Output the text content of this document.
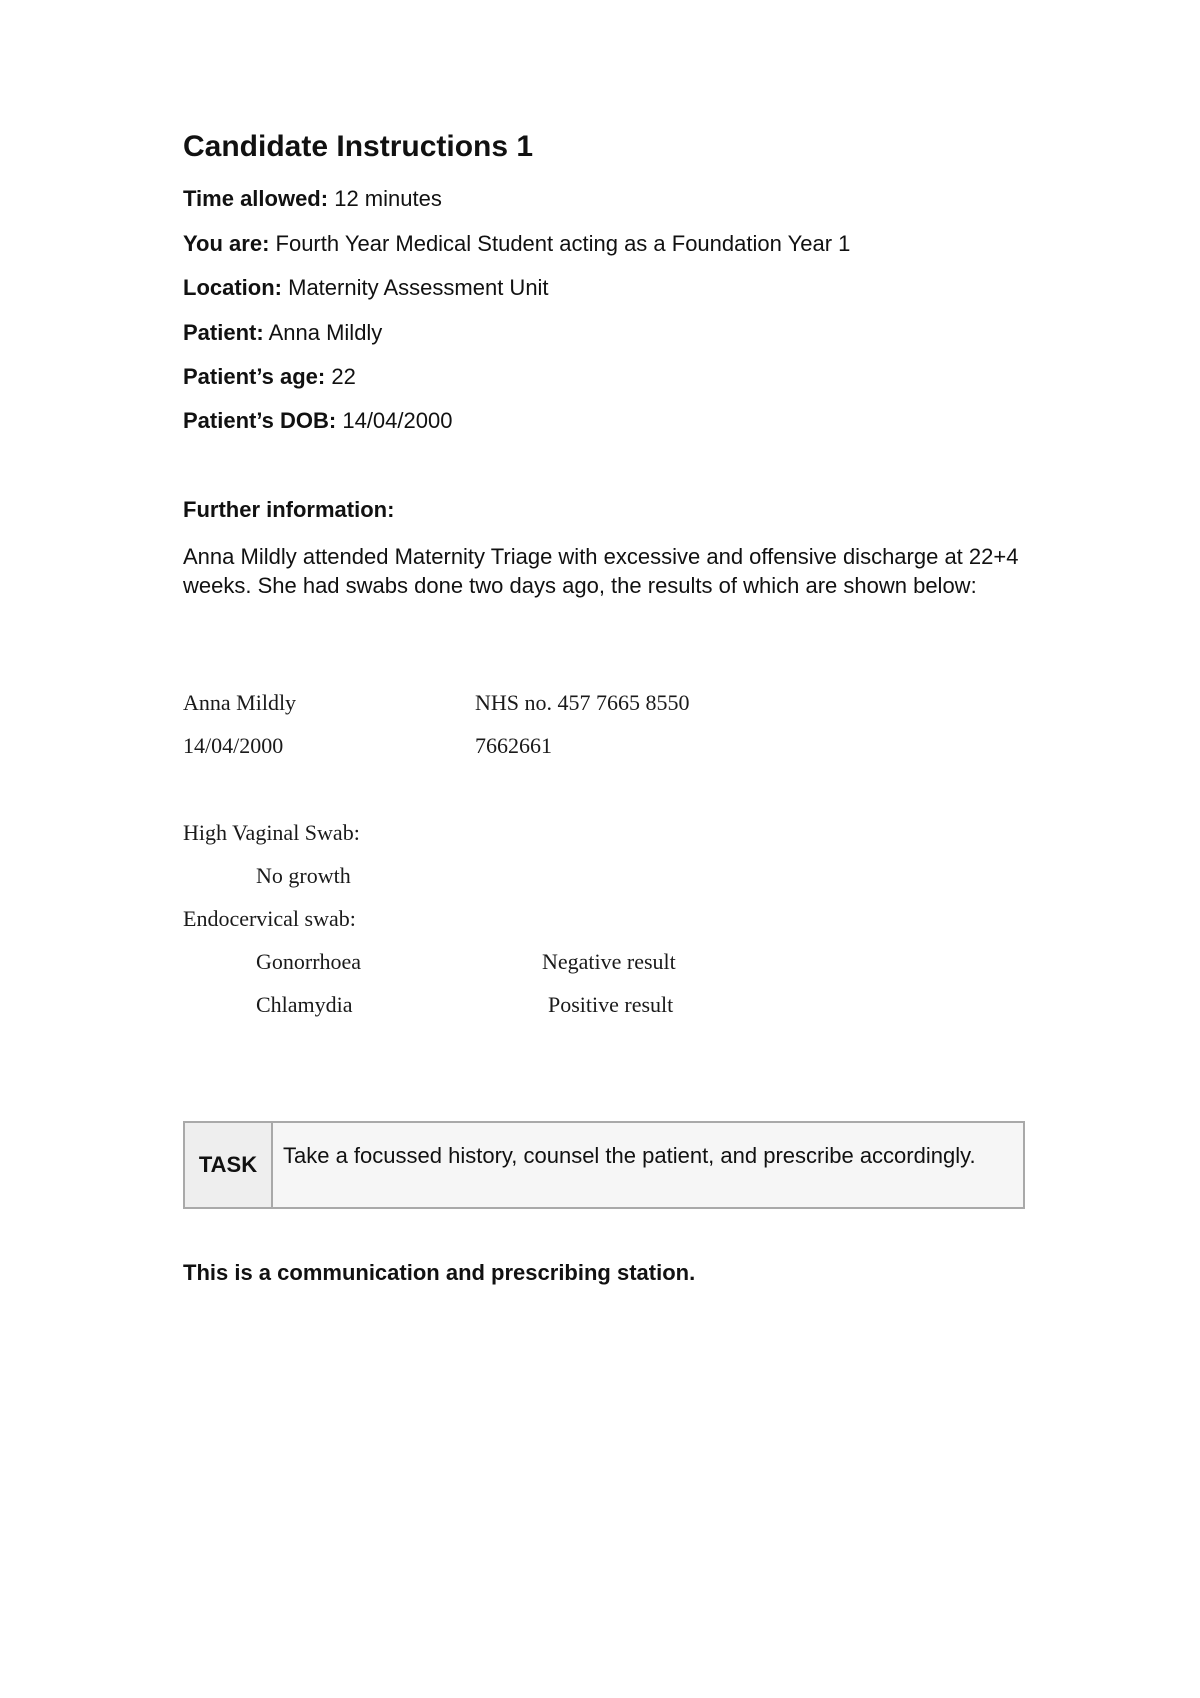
Candidate Instructions 1
Time allowed: 12 minutes
You are: Fourth Year Medical Student acting as a Foundation Year 1
Location: Maternity Assessment Unit
Patient: Anna Mildly
Patient’s age: 22
Patient’s DOB: 14/04/2000
Further information:

Anna Mildly attended Maternity Triage with excessive and offensive discharge at 22+4 weeks. She had swabs done two days ago, the results of which are shown below:

Anna Mildly	NHS no. 457 7665 8550
14/04/2000	7662661
High Vaginal Swab:
No growth
Endocervical swab:
Gonorrhoea	Negative result
Chlamydia	Positive result
TASK	Take a focussed history, counsel the patient, and prescribe accordingly.
This is a communication and prescribing station.
